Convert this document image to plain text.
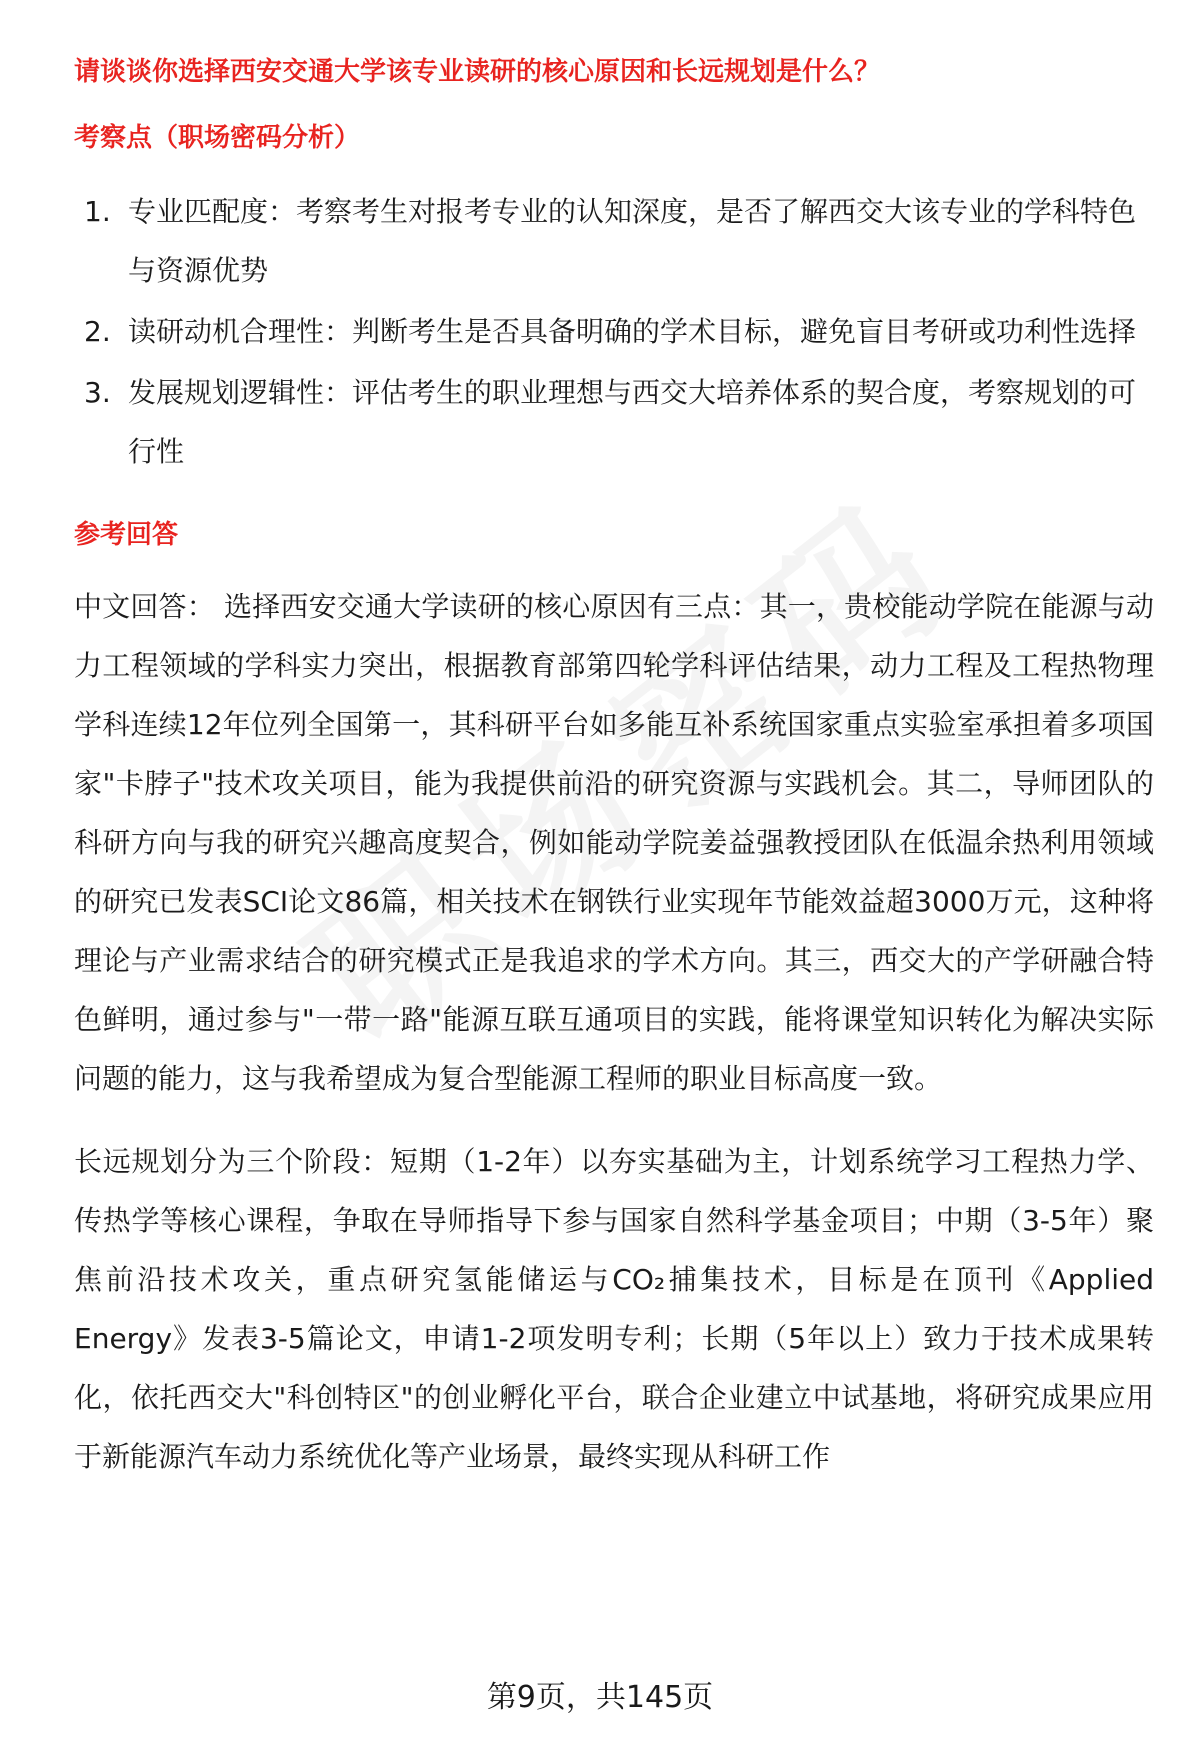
请谈谈你选择西安交通大学该专业读研的核心原因和长远规划是什么？
考察点（职场密码分析）
1. 专业匹配度：考察考生对报考专业的认知深度，是否了解西交大该专业的学科特色与资源优势
2. 读研动机合理性：判断考生是否具备明确的学术目标，避免盲目考研或功利性选择
3. 发展规划逻辑性：评估考生的职业理想与西交大培养体系的契合度，考察规划的可行性
参考回答

中文回答： 选择西安交通大学读研的核心原因有三点：其一，贵校能动学院在能源与动力工程领域的学科实力突出，根据教育部第四轮学科评估结果，动力工程及工程热物理学科连续12年位列全国第一，其科研平台如多能互补系统国家重点实验室承担着多项国家"卡脖子"技术攻关项目，能为我提供前沿的研究资源与实践机会。其二，导师团队的科研方向与我的研究兴趣高度契合，例如能动学院姜益强教授团队在低温余热利用领域的研究已发表SCI论文86篇，相关技术在钢铁行业实现年节能效益超3000万元，这种将理论与产业需求结合的研究模式正是我追求的学术方向。其三，西交大的产学研融合特色鲜明，通过参与"一带一路"能源互联互通项目的实践，能将课堂知识转化为解决实际问题的能力，这与我希望成为复合型能源工程师的职业目标高度一致。

长远规划分为三个阶段：短期（1-2年）以夯实基础为主，计划系统学习工程热力学、传热学等核心课程，争取在导师指导下参与国家自然科学基金项目；中期（3-5年）聚焦前沿技术攻关，重点研究氢能储运与CO₂捕集技术，目标是在顶刊《Applied Energy》发表3-5篇论文，申请1-2项发明专利；长期（5年以上）致力于技术成果转化，依托西交大"科创特区"的创业孵化平台，联合企业建立中试基地，将研究成果应用于新能源汽车动力系统优化等产业场景，最终实现从科研工作

第9页，共145页
